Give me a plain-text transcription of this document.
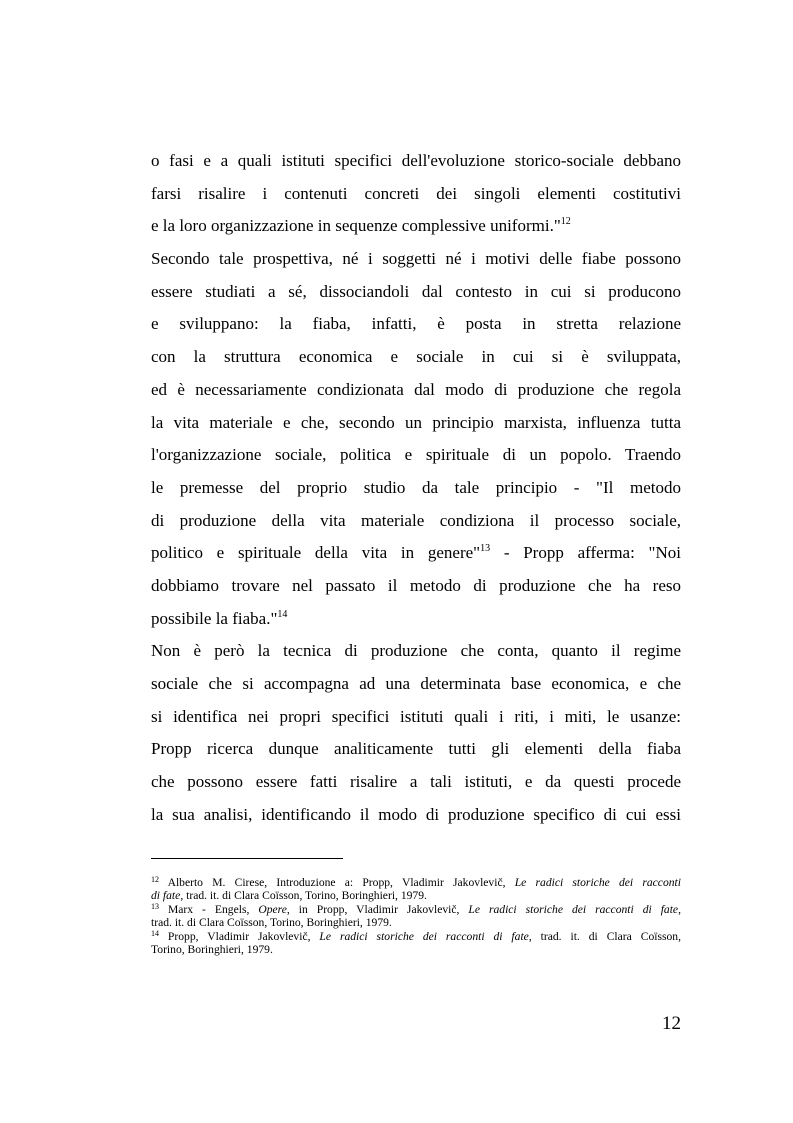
o fasi e a quali istituti specifici dell'evoluzione storico-sociale debbano
farsi risalire i contenuti concreti dei singoli elementi costitutivi
e la loro organizzazione in sequenze complessive uniformi."$^{12}$
Secondo tale prospettiva, né i soggetti né i motivi delle fiabe possono
essere studiati a sé, dissociandoli dal contesto in cui si producono
e sviluppano: la fiaba, infatti, è posta in stretta relazione
con la struttura economica e sociale in cui si è sviluppata,
ed è necessariamente condizionata dal modo di produzione che regola
la vita materiale e che, secondo un principio marxista, influenza tutta
l'organizzazione sociale, politica e spirituale di un popolo. Traendo
le premesse del proprio studio da tale principio - "Il metodo
di produzione della vita materiale condiziona il processo sociale,
politico e spirituale della vita in genere"$^{13}$ - Propp afferma: "Noi
dobbiamo trovare nel passato il metodo di produzione che ha reso
possibile la fiaba."$^{14}$
Non è però la tecnica di produzione che conta, quanto il regime
sociale che si accompagna ad una determinata base economica, e che
si identifica nei propri specifici istituti quali i riti, i miti, le usanze:
Propp ricerca dunque analiticamente tutti gli elementi della fiaba
che possono essere fatti risalire a tali istituti, e da questi procede
la sua analisi, identificando il modo di produzione specifico di cui essi
$^{12}$ Alberto M. Cirese, Introduzione a: Propp, Vladimir Jakovlevič, Le radici storiche dei racconti
di fate, trad. it. di Clara Coïsson, Torino, Boringhieri, 1979.
$^{13}$ Marx - Engels, Opere, in Propp, Vladimir Jakovlevič, Le radici storiche dei racconti di fate,
trad. it. di Clara Coïsson, Torino, Boringhieri, 1979.
$^{14}$ Propp, Vladimir Jakovlevič, Le radici storiche dei racconti di fate, trad. it. di Clara Coïsson,
Torino, Boringhieri, 1979.
12
